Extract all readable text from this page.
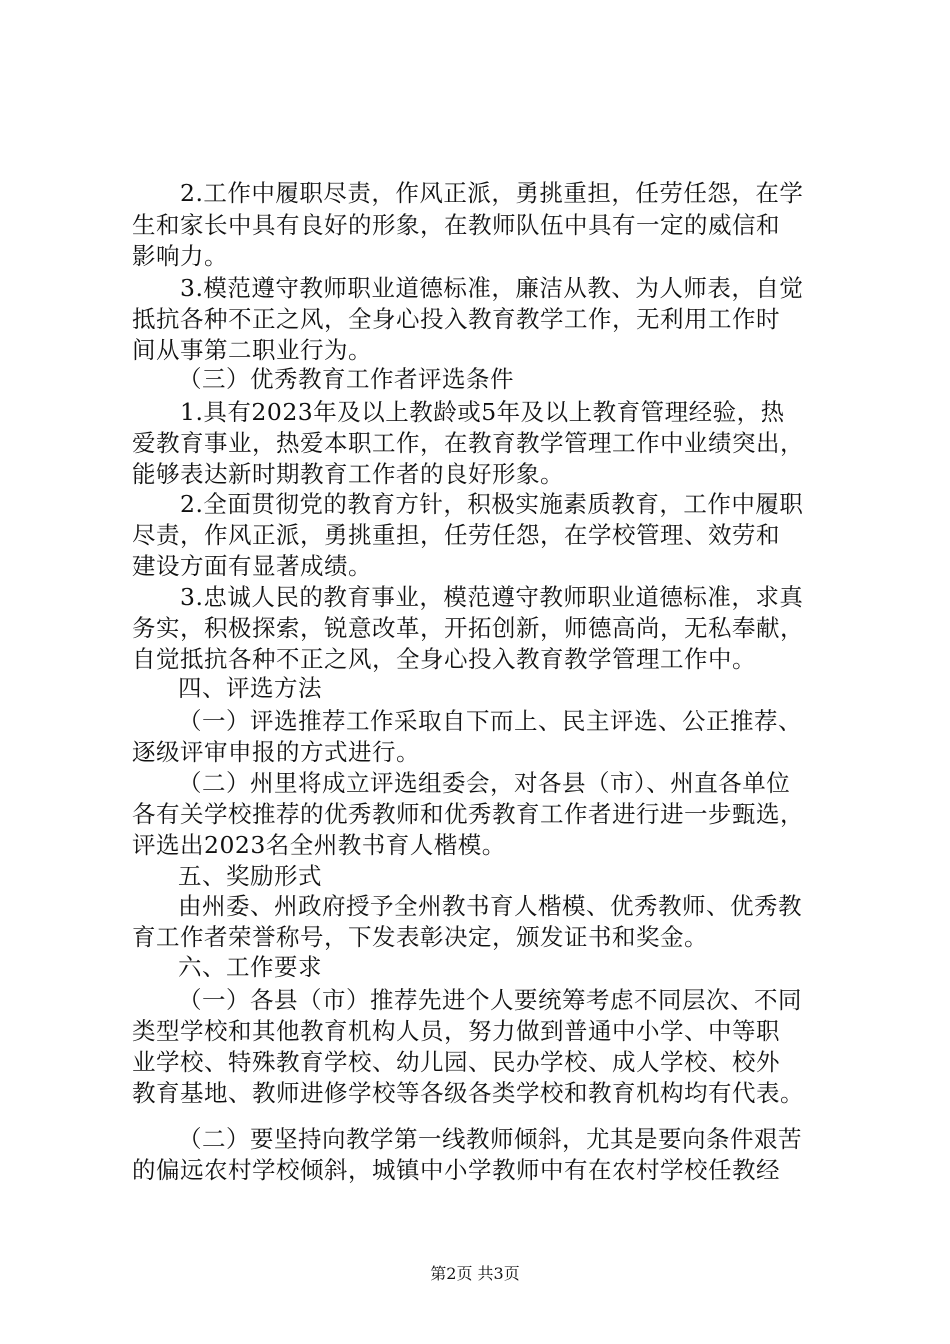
2.工作中履职尽责，作风正派，勇挑重担，任劳任怨，在学
生和家长中具有良好的形象，在教师队伍中具有一定的威信和
影响力。
3.模范遵守教师职业道德标准，廉洁从教、为人师表，自觉
抵抗各种不正之风，全身心投入教育教学工作，无利用工作时
间从事第二职业行为。
（三）优秀教育工作者评选条件
1.具有2023年及以上教龄或5年及以上教育管理经验，热
爱教育事业，热爱本职工作，在教育教学管理工作中业绩突出，
能够表达新时期教育工作者的良好形象。
2.全面贯彻党的教育方针，积极实施素质教育，工作中履职
尽责，作风正派，勇挑重担，任劳任怨，在学校管理、效劳和
建设方面有显著成绩。
3.忠诚人民的教育事业，模范遵守教师职业道德标准，求真
务实，积极探索，锐意改革，开拓创新，师德高尚，无私奉献，
自觉抵抗各种不正之风，全身心投入教育教学管理工作中。
四、评选方法
（一）评选推荐工作采取自下而上、民主评选、公正推荐、
逐级评审申报的方式进行。
（二）州里将成立评选组委会，对各县（市）、州直各单位
各有关学校推荐的优秀教师和优秀教育工作者进行进一步甄选，
评选出2023名全州教书育人楷模。
五、奖励形式
由州委、州政府授予全州教书育人楷模、优秀教师、优秀教
育工作者荣誉称号，下发表彰决定，颁发证书和奖金。
六、工作要求
（一）各县（市）推荐先进个人要统筹考虑不同层次、不同
类型学校和其他教育机构人员，努力做到普通中小学、中等职
业学校、特殊教育学校、幼儿园、民办学校、成人学校、校外
教育基地、教师进修学校等各级各类学校和教育机构均有代表。
（二）要坚持向教学第一线教师倾斜，尤其是要向条件艰苦
的偏远农村学校倾斜，城镇中小学教师中有在农村学校任教经
第2页 共3页
